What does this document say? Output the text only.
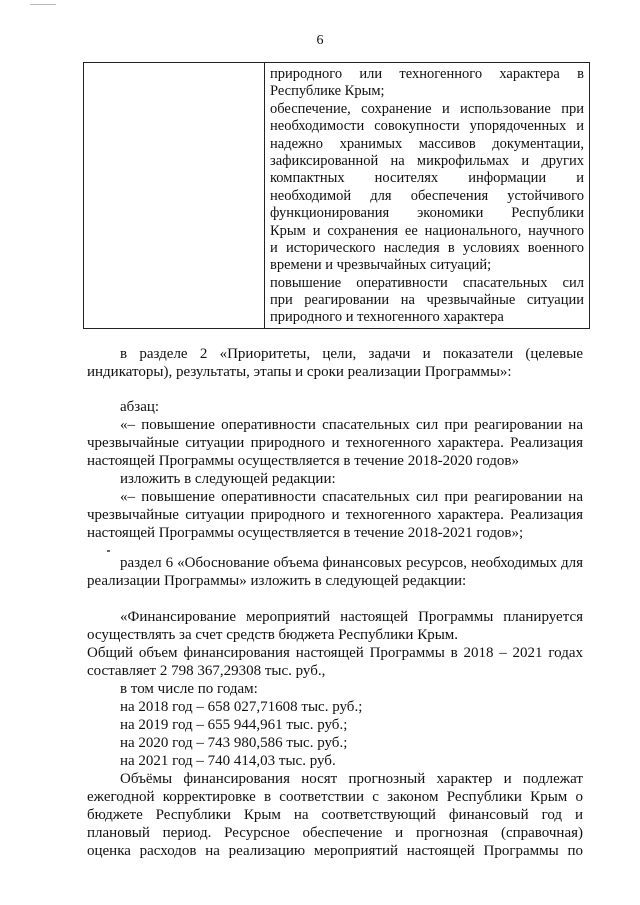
6

природного или техногенного характера в
Республике Крым;
обеспечение, сохранение и использование при
необходимости совокупности упорядоченных и
надежно хранимых массивов документации,
зафиксированной на микрофильмах и других
компактных носителях информации и
необходимой для обеспечения устойчивого
функционирования экономики Республики
Крым и сохранения ее национального, научного
и исторического наследия в условиях военного
времени и чрезвычайных ситуаций;
повышение оперативности спасательных сил
при реагировании на чрезвычайные ситуации
природного и техногенного характера
в разделе 2 «Приоритеты, цели, задачи и показатели (целевые
индикаторы), результаты, этапы и сроки реализации Программы»:
абзац:
«– повышение оперативности спасательных сил при реагировании на
чрезвычайные ситуации природного и техногенного характера. Реализация
настоящей Программы осуществляется в течение 2018-2020 годов»
изложить в следующей редакции:
«– повышение оперативности спасательных сил при реагировании на
чрезвычайные ситуации природного и техногенного характера. Реализация
настоящей Программы осуществляется в течение 2018-2021 годов»;
раздел 6 «Обоснование объема финансовых ресурсов, необходимых для
реализации Программы» изложить в следующей редакции:
«Финансирование мероприятий настоящей Программы планируется
осуществлять за счет средств бюджета Республики Крым.
Общий объем финансирования настоящей Программы в 2018 – 2021 годах
составляет 2 798 367,29308 тыс. руб.,
в том числе по годам:
на 2018 год – 658 027,71608 тыс. руб.;
на 2019 год – 655 944,961 тыс. руб.;
на 2020 год – 743 980,586 тыс. руб.;
на 2021 год – 740 414,03 тыс. руб.
Объёмы финансирования носят прогнозный характер и подлежат
ежегодной корректировке в соответствии с законом Республики Крым о
бюджете Республики Крым на соответствующий финансовый год и
плановый период. Ресурсное обеспечение и прогнозная (справочная)
оценка расходов на реализацию мероприятий настоящей Программы по
